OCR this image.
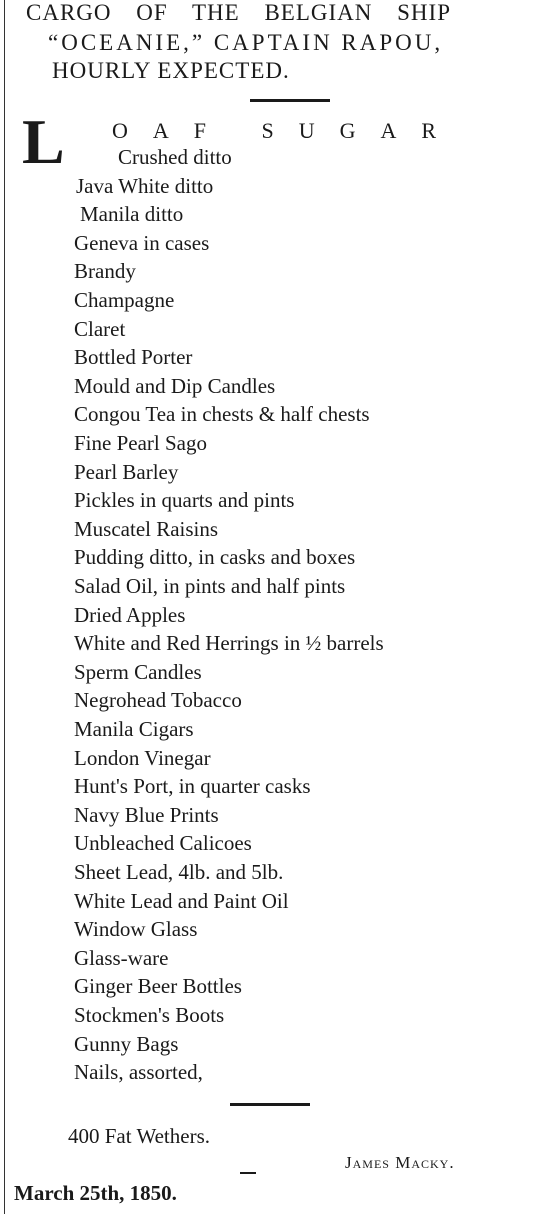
CARGO OF THE BELGIAN SHIP
“OCEANIE,” CAPTAIN RAPOU,
HOURLY EXPECTED.
L OAF SUGAR
Crushed ditto
Java White ditto
Manila ditto
Geneva in cases
Brandy
Champagne
Claret
Bottled Porter
Mould and Dip Candles
Congou Tea in chests & half chests
Fine Pearl Sago
Pearl Barley
Pickles in quarts and pints
Muscatel Raisins
Pudding ditto, in casks and boxes
Salad Oil, in pints and half pints
Dried Apples
White and Red Herrings in ½ barrels
Sperm Candles
Negrohead Tobacco
Manila Cigars
London Vinegar
Hunt's Port, in quarter casks
Navy Blue Prints
Unbleached Calicoes
Sheet Lead, 4lb. and 5lb.
White Lead and Paint Oil
Window Glass
Glass-ware
Ginger Beer Bottles
Stockmen's Boots
Gunny Bags
Nails, assorted,
400 Fat Wethers.
James Macky.
March 25th, 1850.
